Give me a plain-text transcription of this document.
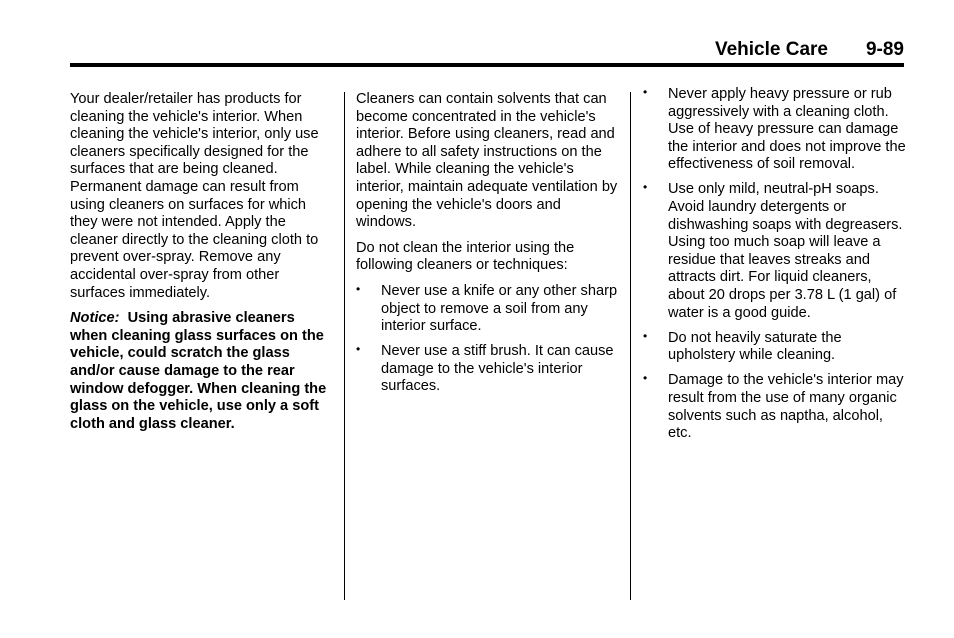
Vehicle Care 9-89

Your dealer/retailer has products for cleaning the vehicle's interior. When cleaning the vehicle's interior, only use cleaners specifically designed for the surfaces that are being cleaned. Permanent damage can result from using cleaners on surfaces for which they were not intended. Apply the cleaner directly to the cleaning cloth to prevent over-spray. Remove any accidental over-spray from other surfaces immediately.

Notice: Using abrasive cleaners when cleaning glass surfaces on the vehicle, could scratch the glass and/or cause damage to the rear window defogger. When cleaning the glass on the vehicle, use only a soft cloth and glass cleaner.

Cleaners can contain solvents that can become concentrated in the vehicle's interior. Before using cleaners, read and adhere to all safety instructions on the label. While cleaning the vehicle's interior, maintain adequate ventilation by opening the vehicle's doors and windows.

Do not clean the interior using the following cleaners or techniques:

• Never use a knife or any other sharp object to remove a soil from any interior surface.
• Never use a stiff brush. It can cause damage to the vehicle's interior surfaces.
• Never apply heavy pressure or rub aggressively with a cleaning cloth. Use of heavy pressure can damage the interior and does not improve the effectiveness of soil removal.
• Use only mild, neutral-pH soaps. Avoid laundry detergents or dishwashing soaps with degreasers. Using too much soap will leave a residue that leaves streaks and attracts dirt. For liquid cleaners, about 20 drops per 3.78 L (1 gal) of water is a good guide.
• Do not heavily saturate the upholstery while cleaning.
• Damage to the vehicle's interior may result from the use of many organic solvents such as naptha, alcohol, etc.
